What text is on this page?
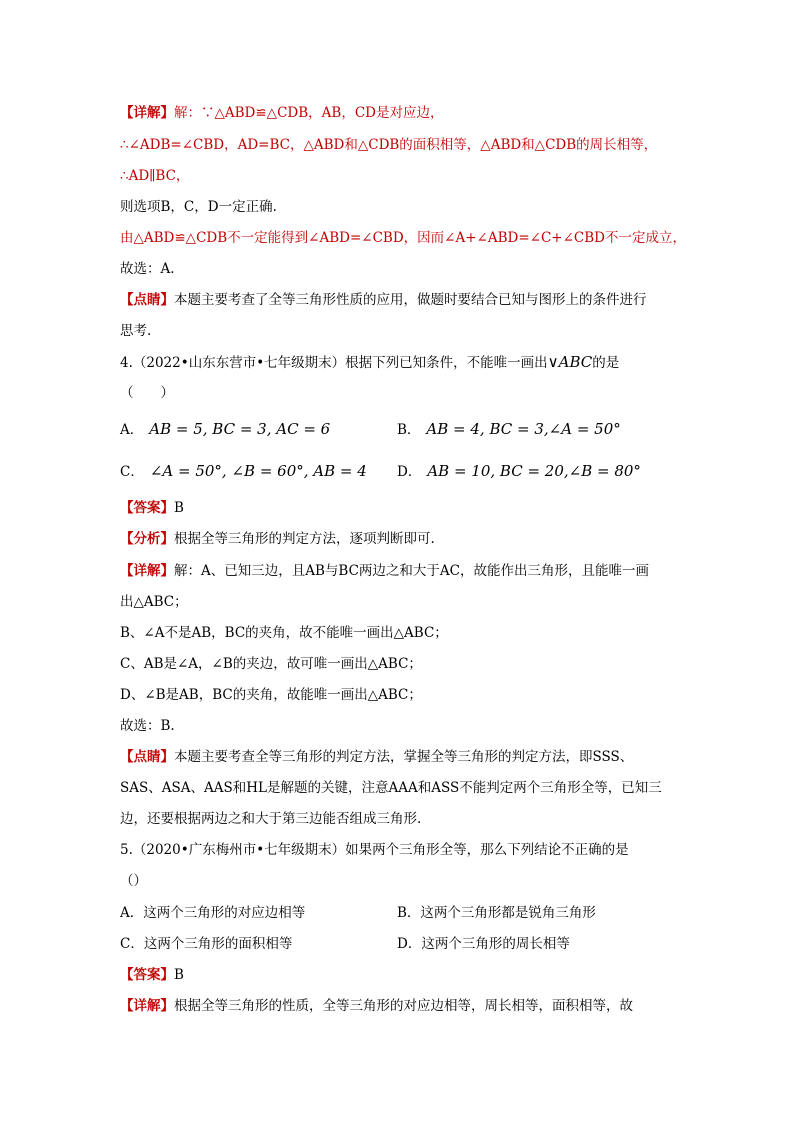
【详解】解：∵△ABD≌△CDB，AB，CD是对应边，
∴∠ADB=∠CBD，AD=BC，△ABD和△CDB的面积相等，△ABD和△CDB的周长相等，
∴AD∥BC，
则选项B，C，D一定正确.
由△ABD≌△CDB不一定能得到∠ABD=∠CBD，因而∠A+∠ABD=∠C+∠CBD不一定成立，
故选：A.
【点睛】本题主要考查了全等三角形性质的应用，做题时要结合已知与图形上的条件进行
思考.
4.（2022•山东东营市•七年级期末）根据下列已知条件，不能唯一画出∨ABC的是
（　　）
A． AB = 5, BC = 3, AC = 6	B． AB = 4, BC = 3,∠A = 50°
C． ∠A = 50°, ∠B = 60°, AB = 4 D． AB = 10, BC = 20,∠B = 80°
【答案】B
【分析】根据全等三角形的判定方法，逐项判断即可.
【详解】解：A、已知三边，且AB与BC两边之和大于AC，故能作出三角形，且能唯一画
出△ABC；
B、∠A不是AB，BC的夹角，故不能唯一画出△ABC；
C、AB是∠A，∠B的夹边，故可唯一画出△ABC；
D、∠B是AB，BC的夹角，故能唯一画出△ABC；
故选：B.
【点睛】本题主要考查全等三角形的判定方法，掌握全等三角形的判定方法，即SSS、
SAS、ASA、AAS和HL是解题的关键，注意AAA和ASS不能判定两个三角形全等，已知三
边，还要根据两边之和大于第三边能否组成三角形.
5.（2020•广东梅州市•七年级期末）如果两个三角形全等，那么下列结论不正确的是
（）
A．这两个三角形的对应边相等	B．这两个三角形都是锐角三角形
C．这两个三角形的面积相等	D．这两个三角形的周长相等
【答案】B
【详解】根据全等三角形的性质，全等三角形的对应边相等，周长相等，面积相等，故
